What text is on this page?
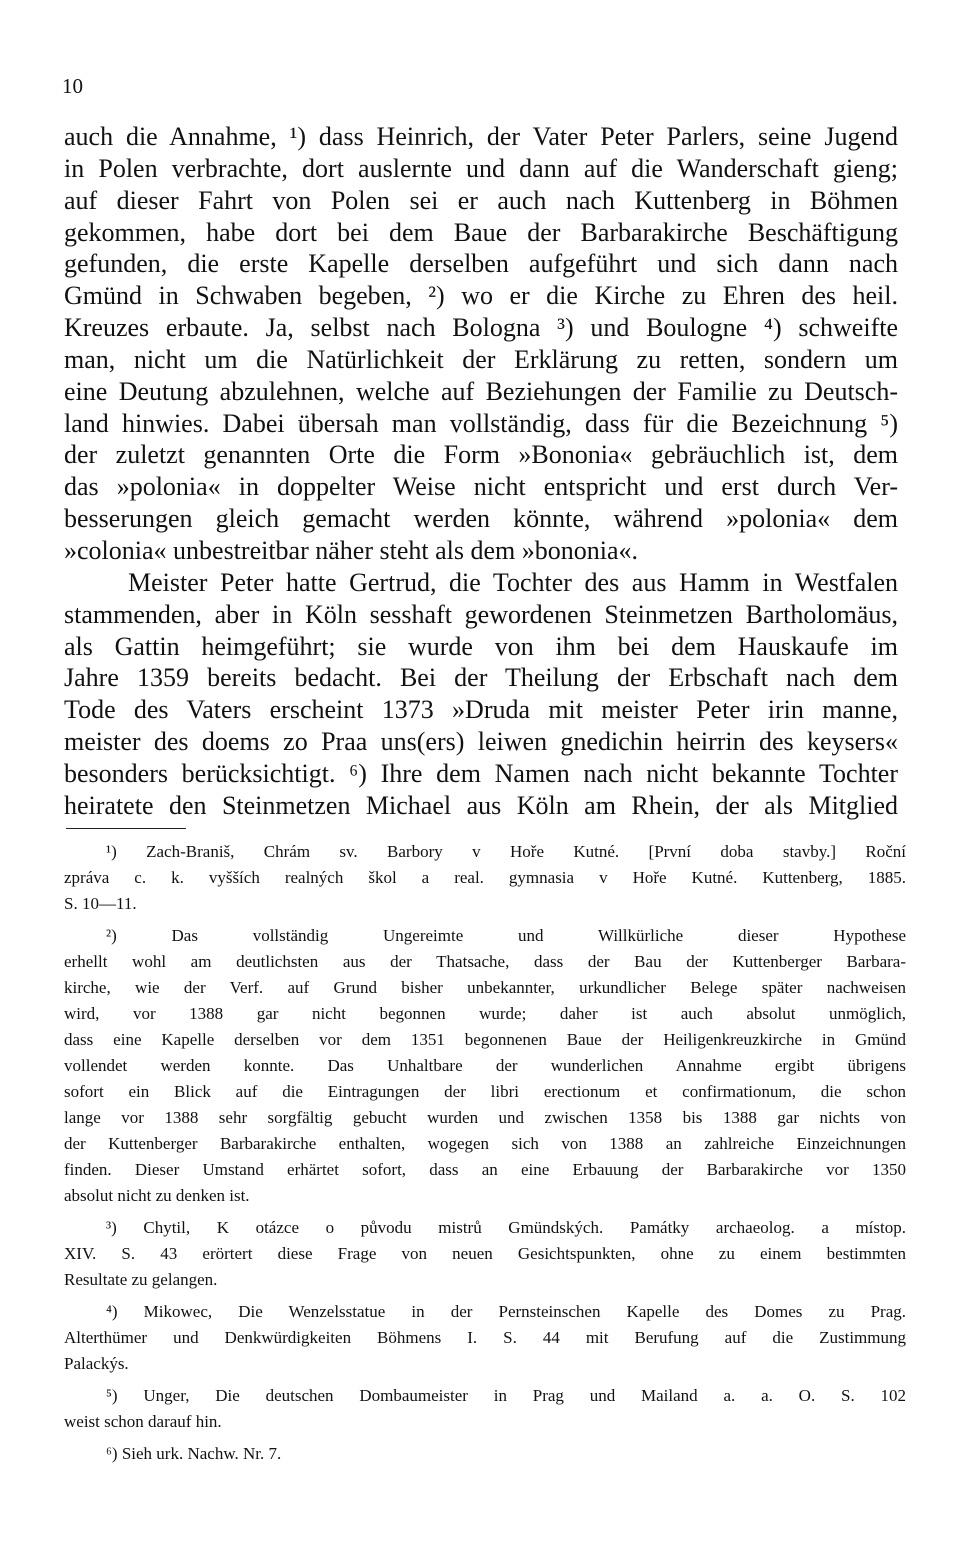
10
auch die Annahme, ¹) dass Heinrich, der Vater Peter Parlers, seine Jugend
in Polen verbrachte, dort auslernte und dann auf die Wanderschaft gieng;
auf dieser Fahrt von Polen sei er auch nach Kuttenberg in Böhmen
gekommen, habe dort bei dem Baue der Barbarakirche Beschäftigung
gefunden, die erste Kapelle derselben aufgeführt und sich dann nach
Gmünd in Schwaben begeben, ²) wo er die Kirche zu Ehren des heil.
Kreuzes erbaute. Ja, selbst nach Bologna ³) und Boulogne ⁴) schweifte
man, nicht um die Natürlichkeit der Erklärung zu retten, sondern um
eine Deutung abzulehnen, welche auf Beziehungen der Familie zu Deutsch-
land hinwies. Dabei übersah man vollständig, dass für die Bezeichnung ⁵)
der zuletzt genannten Orte die Form »Bononia« gebräuchlich ist, dem
das »polonia« in doppelter Weise nicht entspricht und erst durch Ver-
besserungen gleich gemacht werden könnte, während »polonia« dem
»colonia« unbestreitbar näher steht als dem »bononia«.
Meister Peter hatte Gertrud, die Tochter des aus Hamm in Westfalen
stammenden, aber in Köln sesshaft gewordenen Steinmetzen Bartholomäus,
als Gattin heimgeführt; sie wurde von ihm bei dem Hauskaufe im
Jahre 1359 bereits bedacht. Bei der Theilung der Erbschaft nach dem
Tode des Vaters erscheint 1373 »Druda mit meister Peter irin manne,
meister des doems zo Praa uns(ers) leiwen gnedichin heirrin des keysers«
besonders berücksichtigt. ⁶) Ihre dem Namen nach nicht bekannte Tochter
heiratete den Steinmetzen Michael aus Köln am Rhein, der als Mitglied
¹) Zach-Braniš, Chrám sv. Barbory v Hoře Kutné. [První doba stavby.] Roční
zpráva c. k. vyšších realných škol a real. gymnasia v Hoře Kutné. Kuttenberg, 1885.
S. 10—11.
²) Das vollständig Ungereimte und Willkürliche dieser Hypothese
erhellt wohl am deutlichsten aus der Thatsache, dass der Bau der Kuttenberger Barbara-
kirche, wie der Verf. auf Grund bisher unbekannter, urkundlicher Belege später nachweisen
wird, vor 1388 gar nicht begonnen wurde; daher ist auch absolut unmöglich,
dass eine Kapelle derselben vor dem 1351 begonnenen Baue der Heiligenkreuzkirche in Gmünd
vollendet werden konnte. Das Unhaltbare der wunderlichen Annahme ergibt übrigens
sofort ein Blick auf die Eintragungen der libri erectionum et confirmationum, die schon
lange vor 1388 sehr sorgfältig gebucht wurden und zwischen 1358 bis 1388 gar nichts von
der Kuttenberger Barbarakirche enthalten, wogegen sich von 1388 an zahlreiche Einzeichnungen
finden. Dieser Umstand erhärtet sofort, dass an eine Erbauung der Barbarakirche vor 1350
absolut nicht zu denken ist.
³) Chytil, K otázce o původu mistrů Gmündských. Památky archaeolog. a místop.
XIV. S. 43 erörtert diese Frage von neuen Gesichtspunkten, ohne zu einem bestimmten
Resultate zu gelangen.
⁴) Mikowec, Die Wenzelsstatue in der Pernsteinschen Kapelle des Domes zu Prag.
Alterthümer und Denkwürdigkeiten Böhmens I. S. 44 mit Berufung auf die Zustimmung
Palackýs.
⁵) Unger, Die deutschen Dombaumeister in Prag und Mailand a. a. O. S. 102
weist schon darauf hin.
⁶) Sieh urk. Nachw. Nr. 7.
